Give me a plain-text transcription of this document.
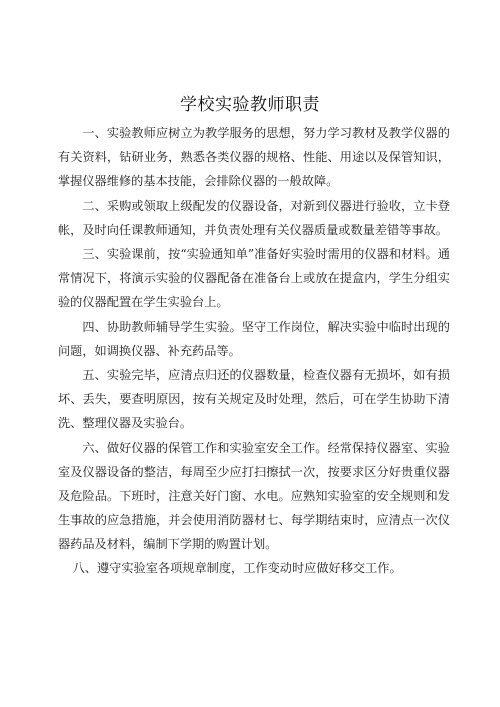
学校实验教师职责

一、实验教师应树立为教学服务的思想，努力学习教材及教学仪器的有关资料，钻研业务，熟悉各类仪器的规格、性能、用途以及保管知识，掌握仪器维修的基本技能，会排除仪器的一般故障。

二、采购或领取上级配发的仪器设备，对新到仪器进行验收，立卡登帐，及时向任课教师通知，并负责处理有关仪器质量或数量差错等事故。

三、实验课前，按“实验通知单”准备好实验时需用的仪器和材料。通常情况下，将演示实验的仪器配备在准备台上或放在提盒内，学生分组实验的仪器配置在学生实验台上。

四、协助教师辅导学生实验。坚守工作岗位，解决实验中临时出现的问题，如调换仪器、补充药品等。

五、实验完毕，应清点归还的仪器数量，检查仪器有无损坏，如有损坏、丢失，要查明原因，按有关规定及时处理，然后，可在学生协助下清洗、整理仪器及实验台。

六、做好仪器的保管工作和实验室安全工作。经常保持仪器室、实验室及仪器设备的整洁，每周至少应打扫擦拭一次，按要求区分好贵重仪器及危险品。下班时，注意关好门窗、水电。应熟知实验室的安全规则和发生事故的应急措施，并会使用消防器材七、每学期结束时，应清点一次仪器药品及材料，编制下学期的购置计划。

八、遵守实验室各项规章制度，工作变动时应做好移交工作。
